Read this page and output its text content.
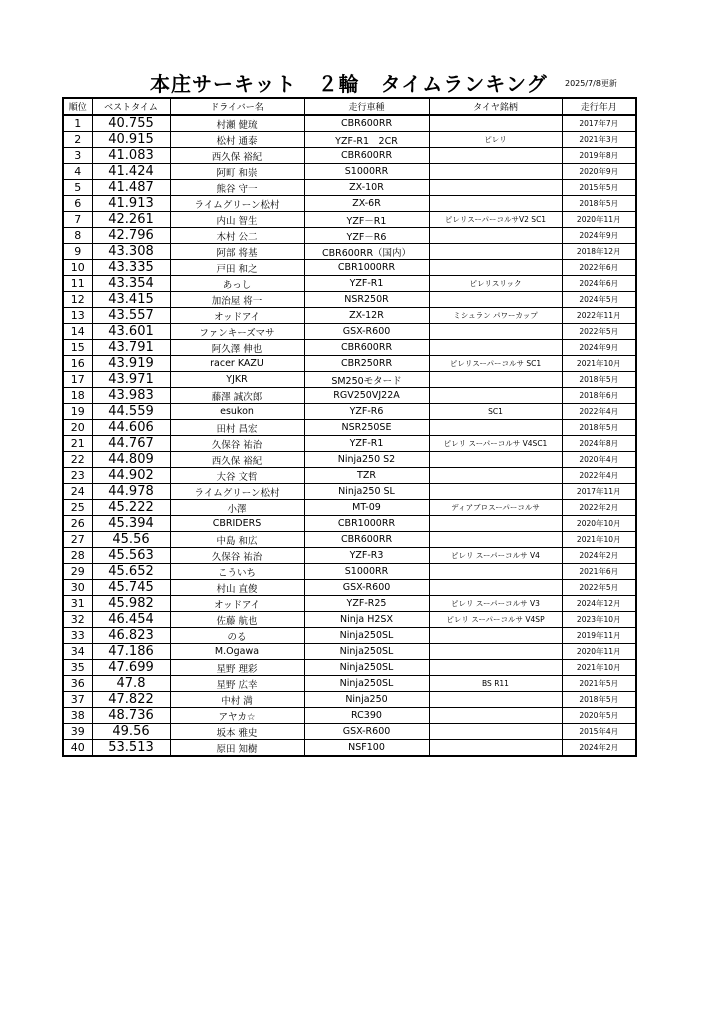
本庄サーキット　２輪　タイムランキング 2025/7/8更新
順位	ベストタイム	ドライバー名	走行車種	タイヤ銘柄	走行年月
1	40.755	村瀬 健琉	CBR600RR		2017年7月
2	40.915	松村 通泰	YZF-R1　2CR	ピレリ	2021年3月
3	41.083	西久保 裕紀	CBR600RR		2019年8月
4	41.424	阿町 和崇	S1000RR		2020年9月
5	41.487	熊谷 守一	ZX-10R		2015年5月
6	41.913	ライムグリーン松村	ZX-6R		2018年5月
7	42.261	内山 智生	YZF－R1	ピレリスーパーコルサV2 SC1	2020年11月
8	42.796	木村 公二	YZF－R6		2024年9月
9	43.308	阿部 将基	CBR600RR（国内）		2018年12月
10	43.335	戸田 和之	CBR1000RR		2022年6月
11	43.354	あっし	YZF-R1	ピレリスリック	2024年6月
12	43.415	加治屋 将一	NSR250R		2024年5月
13	43.557	オッドアイ	ZX-12R	ミシュラン パワーカップ	2022年11月
14	43.601	ファンキーズマサ	GSX-R600		2022年5月
15	43.791	阿久澤 伸也	CBR600RR		2024年9月
16	43.919	racer KAZU	CBR250RR	ピレリスーパーコルサ SC1	2021年10月
17	43.971	YJKR	SM250モタード		2018年5月
18	43.983	藤澤 誠次郎	RGV250VJ22A		2018年6月
19	44.559	esukon	YZF-R6	SC1	2022年4月
20	44.606	田村 昌宏	NSR250SE		2018年5月
21	44.767	久保谷 祐治	YZF-R1	ピレリ スーパーコルサ V4SC1	2024年8月
22	44.809	西久保 裕紀	Ninja250 S2		2020年4月
23	44.902	大谷 文哲	TZR		2022年4月
24	44.978	ライムグリーン松村	Ninja250 SL		2017年11月
25	45.222	小澤	MT-09	ディアブロスーパーコルサ	2022年2月
26	45.394	CBRIDERS	CBR1000RR		2020年10月
27	45.56	中島 和広	CBR600RR		2021年10月
28	45.563	久保谷 祐治	YZF-R3	ピレリ スーパーコルサ V4	2024年2月
29	45.652	こういち	S1000RR		2021年6月
30	45.745	村山 直俊	GSX-R600		2022年5月
31	45.982	オッドアイ	YZF-R25	ピレリ スーパーコルサ V3	2024年12月
32	46.454	佐藤 航也	Ninja H2SX	ピレリ スーパーコルサ V4SP	2023年10月
33	46.823	のる	Ninja250SL		2019年11月
34	47.186	M.Ogawa	Ninja250SL		2020年11月
35	47.699	星野 理彩	Ninja250SL		2021年10月
36	47.8	星野 広幸	Ninja250SL	BS R11	2021年5月
37	47.822	中村 満	Ninja250		2018年5月
38	48.736	アヤカ☆	RC390		2020年5月
39	49.56	坂本 雅史	GSX-R600		2015年4月
40	53.513	原田 知樹	NSF100		2024年2月
